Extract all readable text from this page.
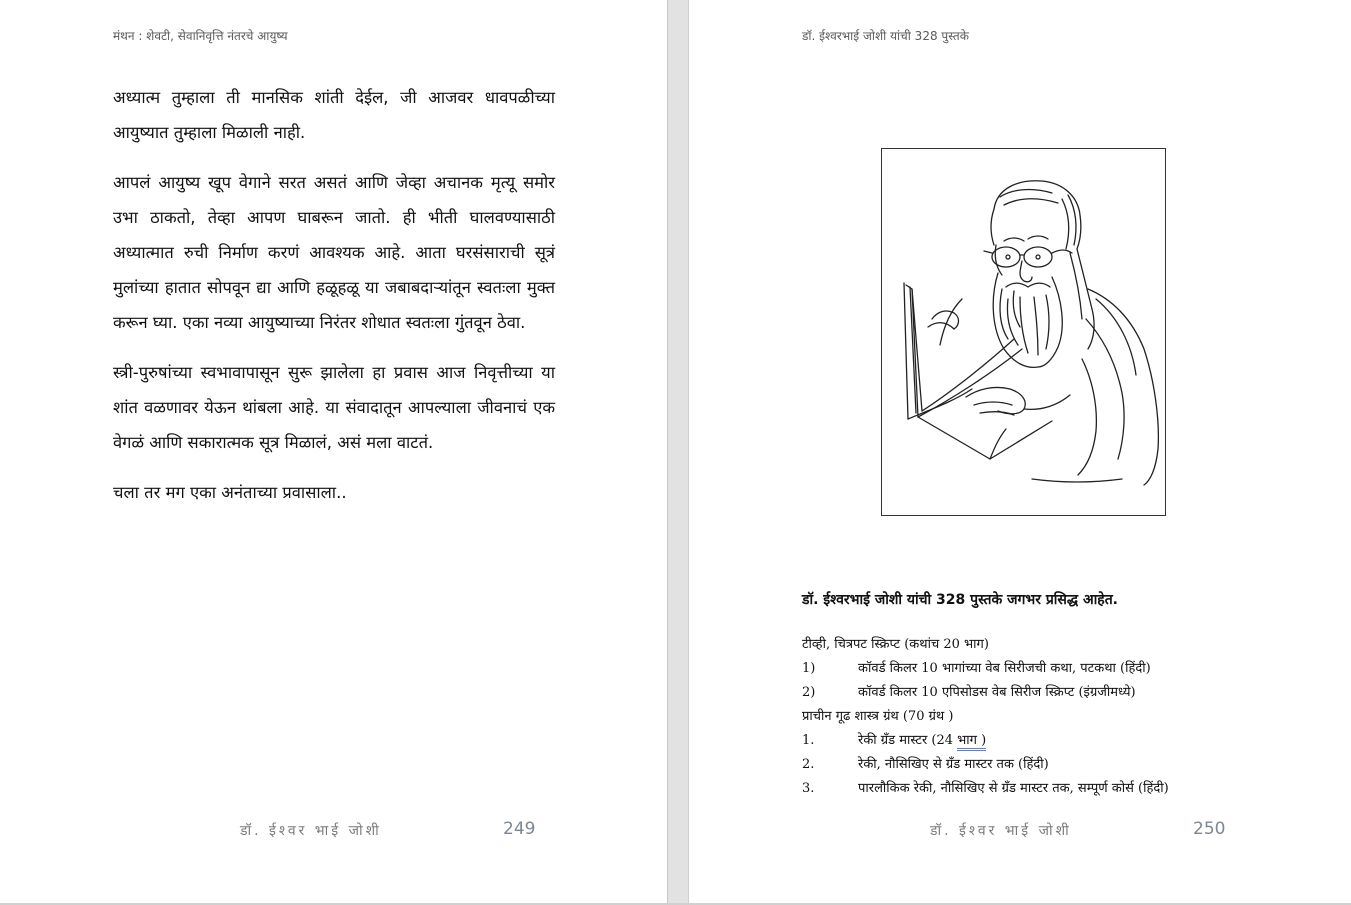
मंथन : शेवटी, सेवानिवृत्ति नंतरचे आयुष्य

अध्यात्म तुम्हाला ती मानसिक शांती देईल, जी आजवर धावपळीच्या आयुष्यात तुम्हाला मिळाली नाही.

आपलं आयुष्य खूप वेगाने सरत असतं आणि जेव्हा अचानक मृत्यू समोर उभा ठाकतो, तेव्हा आपण घाबरून जातो. ही भीती घालवण्यासाठी अध्यात्मात रुची निर्माण करणं आवश्यक आहे. आता घरसंसाराची सूत्रं मुलांच्या हातात सोपवून द्या आणि हळूहळू या जबाबदाऱ्यांतून स्वतःला मुक्त करून घ्या. एका नव्या आयुष्याच्या निरंतर शोधात स्वतःला गुंतवून ठेवा.

स्त्री-पुरुषांच्या स्वभावापासून सुरू झालेला हा प्रवास आज निवृत्तीच्या या शांत वळणावर येऊन थांबला आहे. या संवादातून आपल्याला जीवनाचं एक वेगळं आणि सकारात्मक सूत्र मिळालं, असं मला वाटतं.

चला तर मग एका अनंताच्या प्रवासाला..

डॉ. ईश्वर भाई जोशी	249
डॉ. ईश्वरभाई जोशी यांची 328 पुस्तके
डॉ. ईश्वरभाई जोशी यांची 328 पुस्तके जगभर प्रसिद्ध आहेत.
टीव्ही, चित्रपट स्क्रिप्ट (कथांच 20 भाग)
1)	कॉवर्ड किलर 10 भागांच्या वेब सिरीजची कथा, पटकथा (हिंदी)
2)	कॉवर्ड किलर 10 एपिसोडस वेब सिरीज स्क्रिप्ट (इंग्रजीमध्ये)
प्राचीन गूढ शास्त्र ग्रंथ (70 ग्रंथ )
1.	रेकी ग्रँड मास्टर (24 भाग )
2.	रेकी, नौसिखिए से ग्रँड मास्टर तक (हिंदी)
3.	पारलौकिक रेकी, नौसिखिए से ग्रँड मास्टर तक, सम्पूर्ण कोर्स (हिंदी)
डॉ. ईश्वर भाई जोशी	250
